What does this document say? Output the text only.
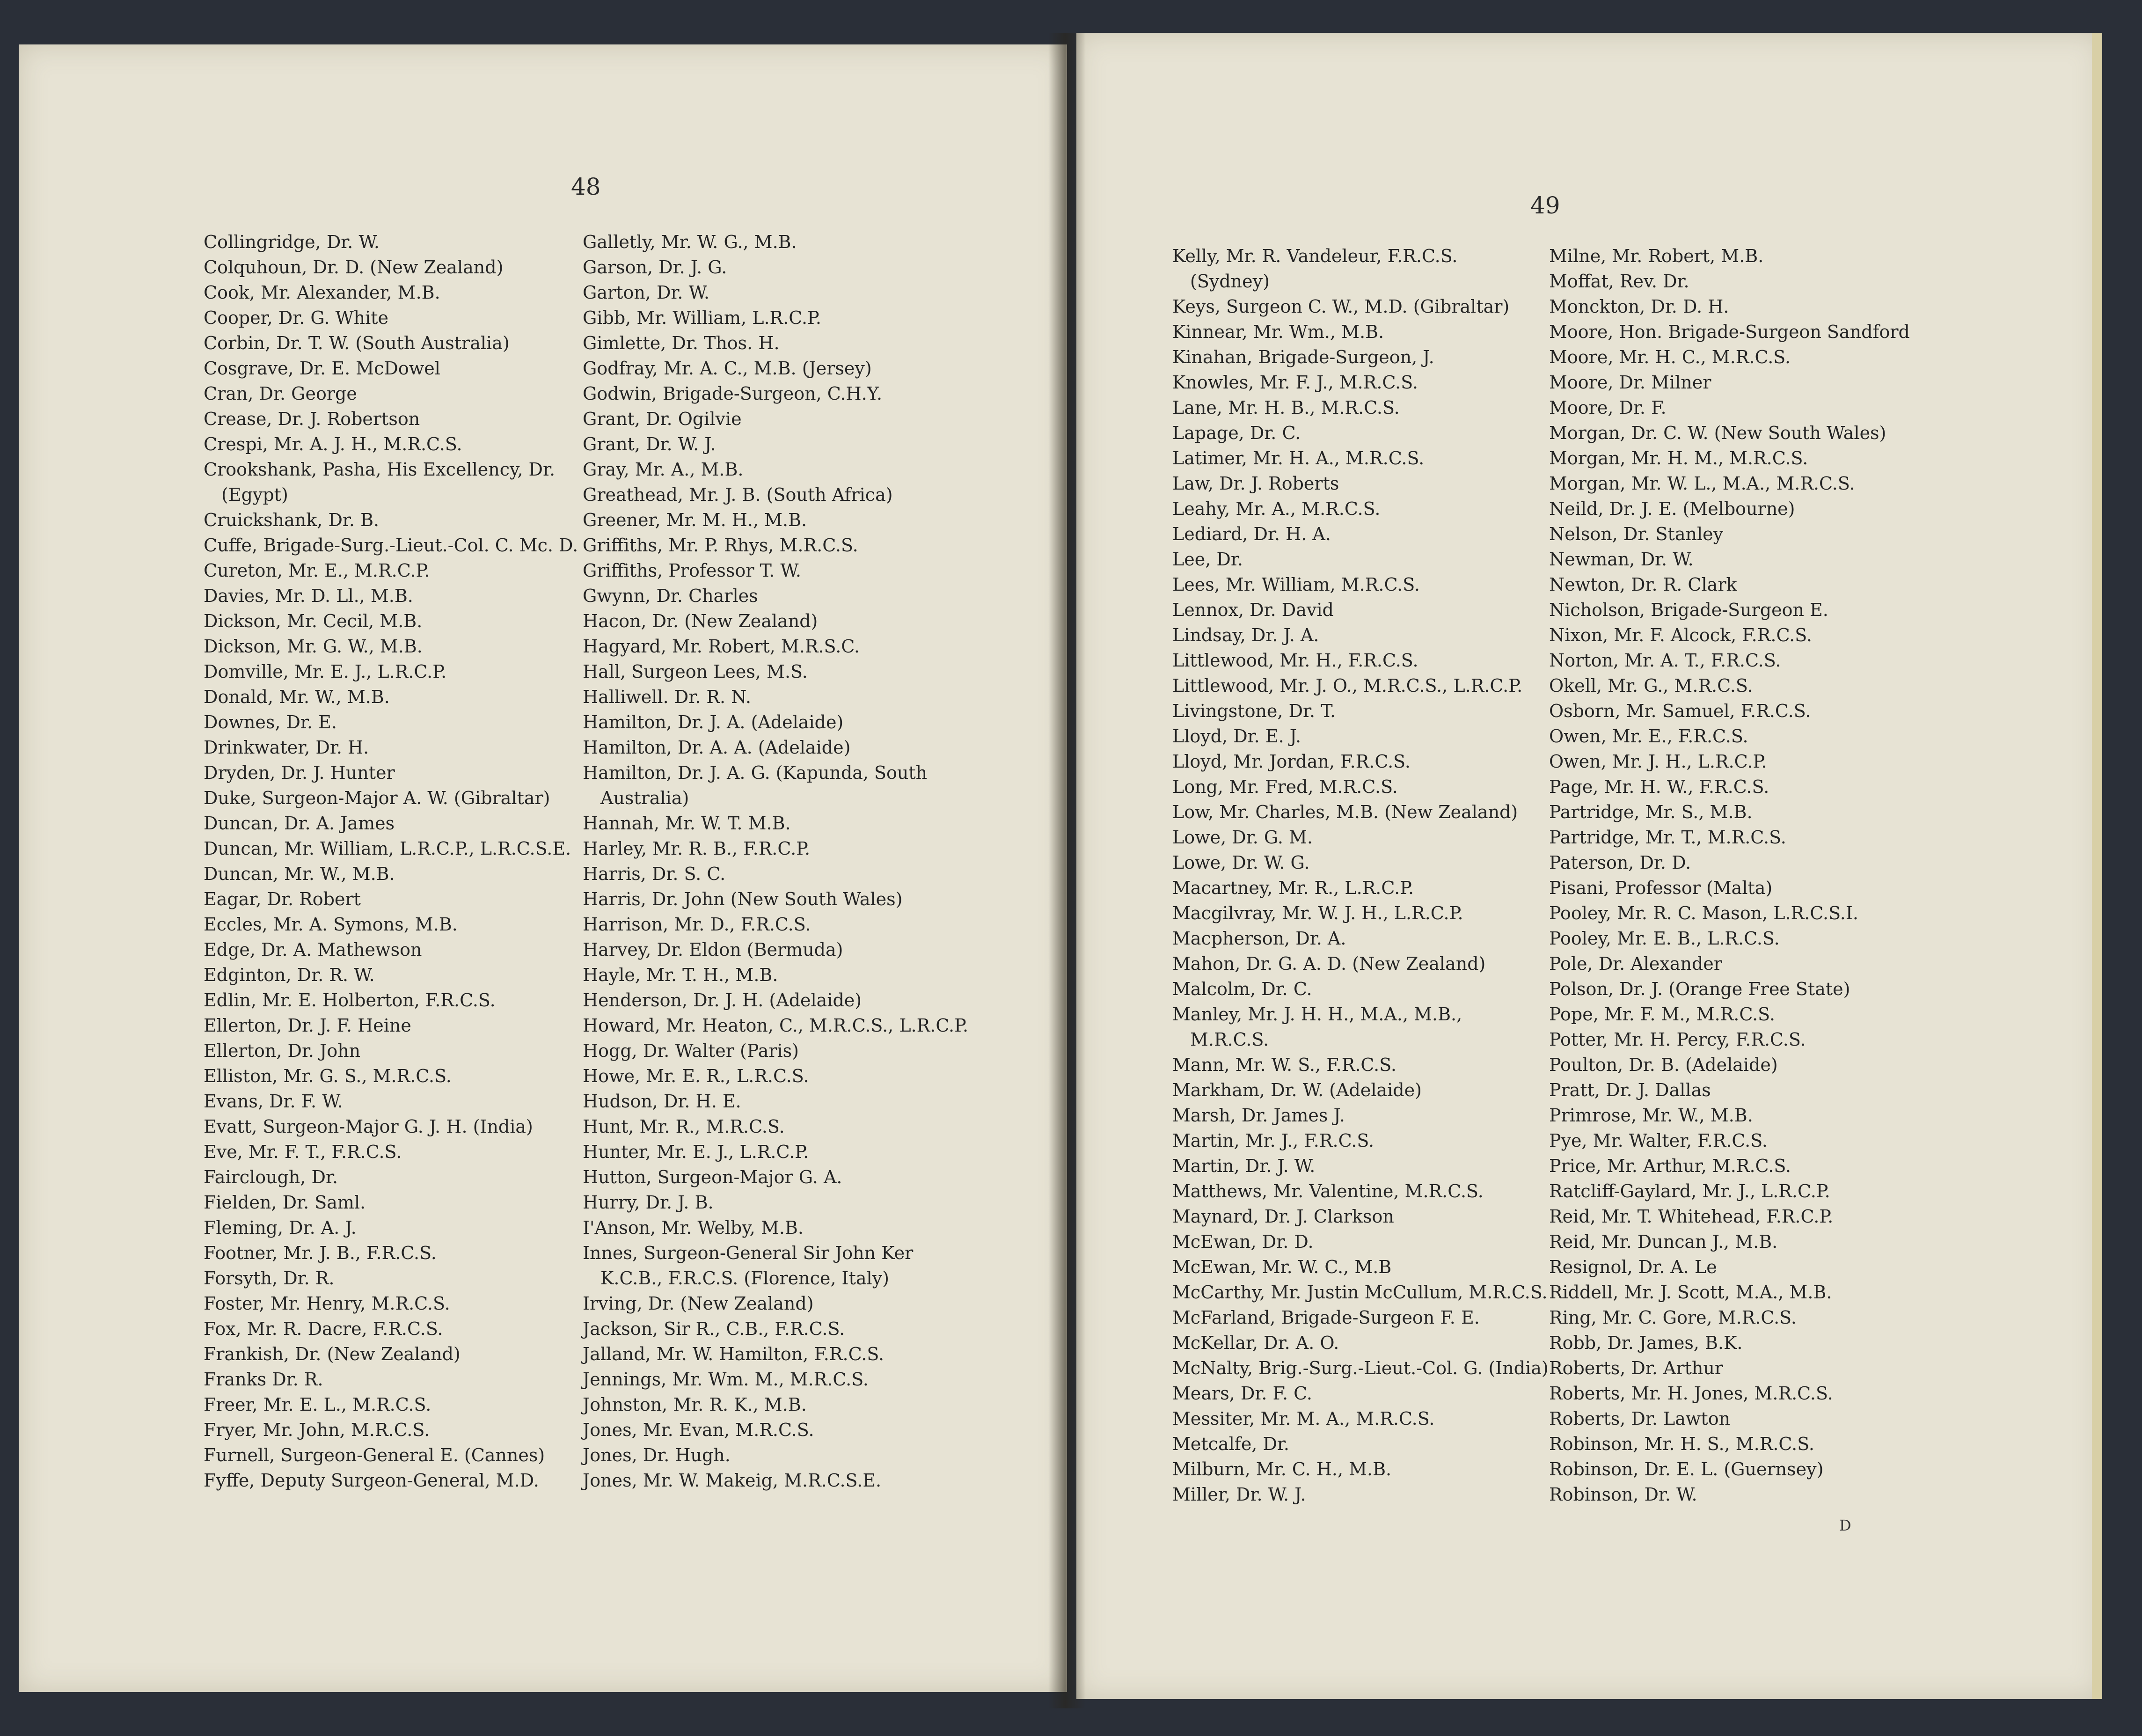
48
Collingridge, Dr. W.
Colquhoun, Dr. D. (New Zealand)
Cook, Mr. Alexander, M.B.
Cooper, Dr. G. White
Corbin, Dr. T. W. (South Australia)
Cosgrave, Dr. E. McDowel
Cran, Dr. George
Crease, Dr. J. Robertson
Crespi, Mr. A. J. H., M.R.C.S.
Crookshank, Pasha, His Excellency, Dr.
(Egypt)
Cruickshank, Dr. B.
Cuffe, Brigade-Surg.-Lieut.-Col. C. Mc. D.
Cureton, Mr. E., M.R.C.P.
Davies, Mr. D. Ll., M.B.
Dickson, Mr. Cecil, M.B.
Dickson, Mr. G. W., M.B.
Domville, Mr. E. J., L.R.C.P.
Donald, Mr. W., M.B.
Downes, Dr. E.
Drinkwater, Dr. H.
Dryden, Dr. J. Hunter
Duke, Surgeon-Major A. W. (Gibraltar)
Duncan, Dr. A. James
Duncan, Mr. William, L.R.C.P., L.R.C.S.E.
Duncan, Mr. W., M.B.
Eagar, Dr. Robert
Eccles, Mr. A. Symons, M.B.
Edge, Dr. A. Mathewson
Edginton, Dr. R. W.
Edlin, Mr. E. Holberton, F.R.C.S.
Ellerton, Dr. J. F. Heine
Ellerton, Dr. John
Elliston, Mr. G. S., M.R.C.S.
Evans, Dr. F. W.
Evatt, Surgeon-Major G. J. H. (India)
Eve, Mr. F. T., F.R.C.S.
Fairclough, Dr.
Fielden, Dr. Saml.
Fleming, Dr. A. J.
Footner, Mr. J. B., F.R.C.S.
Forsyth, Dr. R.
Foster, Mr. Henry, M.R.C.S.
Fox, Mr. R. Dacre, F.R.C.S.
Frankish, Dr. (New Zealand)
Franks Dr. R.
Freer, Mr. E. L., M.R.C.S.
Fryer, Mr. John, M.R.C.S.
Furnell, Surgeon-General E. (Cannes)
Fyffe, Deputy Surgeon-General, M.D.
Galletly, Mr. W. G., M.B.
Garson, Dr. J. G.
Garton, Dr. W.
Gibb, Mr. William, L.R.C.P.
Gimlette, Dr. Thos. H.
Godfray, Mr. A. C., M.B. (Jersey)
Godwin, Brigade-Surgeon, C.H.Y.
Grant, Dr. Ogilvie
Grant, Dr. W. J.
Gray, Mr. A., M.B.
Greathead, Mr. J. B. (South Africa)
Greener, Mr. M. H., M.B.
Griffiths, Mr. P. Rhys, M.R.C.S.
Griffiths, Professor T. W.
Gwynn, Dr. Charles
Hacon, Dr. (New Zealand)
Hagyard, Mr. Robert, M.R.S.C.
Hall, Surgeon Lees, M.S.
Halliwell. Dr. R. N.
Hamilton, Dr. J. A. (Adelaide)
Hamilton, Dr. A. A. (Adelaide)
Hamilton, Dr. J. A. G. (Kapunda, South
Australia)
Hannah, Mr. W. T. M.B.
Harley, Mr. R. B., F.R.C.P.
Harris, Dr. S. C.
Harris, Dr. John (New South Wales)
Harrison, Mr. D., F.R.C.S.
Harvey, Dr. Eldon (Bermuda)
Hayle, Mr. T. H., M.B.
Henderson, Dr. J. H. (Adelaide)
Howard, Mr. Heaton, C., M.R.C.S., L.R.C.P.
Hogg, Dr. Walter (Paris)
Howe, Mr. E. R., L.R.C.S.
Hudson, Dr. H. E.
Hunt, Mr. R., M.R.C.S.
Hunter, Mr. E. J., L.R.C.P.
Hutton, Surgeon-Major G. A.
Hurry, Dr. J. B.
I'Anson, Mr. Welby, M.B.
Innes, Surgeon-General Sir John Ker
K.C.B., F.R.C.S. (Florence, Italy)
Irving, Dr. (New Zealand)
Jackson, Sir R., C.B., F.R.C.S.
Jalland, Mr. W. Hamilton, F.R.C.S.
Jennings, Mr. Wm. M., M.R.C.S.
Johnston, Mr. R. K., M.B.
Jones, Mr. Evan, M.R.C.S.
Jones, Dr. Hugh.
Jones, Mr. W. Makeig, M.R.C.S.E.
49
Kelly, Mr. R. Vandeleur, F.R.C.S.
(Sydney)
Keys, Surgeon C. W., M.D. (Gibraltar)
Kinnear, Mr. Wm., M.B.
Kinahan, Brigade-Surgeon, J.
Knowles, Mr. F. J., M.R.C.S.
Lane, Mr. H. B., M.R.C.S.
Lapage, Dr. C.
Latimer, Mr. H. A., M.R.C.S.
Law, Dr. J. Roberts
Leahy, Mr. A., M.R.C.S.
Lediard, Dr. H. A.
Lee, Dr.
Lees, Mr. William, M.R.C.S.
Lennox, Dr. David
Lindsay, Dr. J. A.
Littlewood, Mr. H., F.R.C.S.
Littlewood, Mr. J. O., M.R.C.S., L.R.C.P.
Livingstone, Dr. T.
Lloyd, Dr. E. J.
Lloyd, Mr. Jordan, F.R.C.S.
Long, Mr. Fred, M.R.C.S.
Low, Mr. Charles, M.B. (New Zealand)
Lowe, Dr. G. M.
Lowe, Dr. W. G.
Macartney, Mr. R., L.R.C.P.
Macgilvray, Mr. W. J. H., L.R.C.P.
Macpherson, Dr. A.
Mahon, Dr. G. A. D. (New Zealand)
Malcolm, Dr. C.
Manley, Mr. J. H. H., M.A., M.B.,
M.R.C.S.
Mann, Mr. W. S., F.R.C.S.
Markham, Dr. W. (Adelaide)
Marsh, Dr. James J.
Martin, Mr. J., F.R.C.S.
Martin, Dr. J. W.
Matthews, Mr. Valentine, M.R.C.S.
Maynard, Dr. J. Clarkson
McEwan, Dr. D.
McEwan, Mr. W. C., M.B
McCarthy, Mr. Justin McCullum, M.R.C.S.
McFarland, Brigade-Surgeon F. E.
McKellar, Dr. A. O.
McNalty, Brig.-Surg.-Lieut.-Col. G. (India)
Mears, Dr. F. C.
Messiter, Mr. M. A., M.R.C.S.
Metcalfe, Dr.
Milburn, Mr. C. H., M.B.
Miller, Dr. W. J.
Milne, Mr. Robert, M.B.
Moffat, Rev. Dr.
Monckton, Dr. D. H.
Moore, Hon. Brigade-Surgeon Sandford
Moore, Mr. H. C., M.R.C.S.
Moore, Dr. Milner
Moore, Dr. F.
Morgan, Dr. C. W. (New South Wales)
Morgan, Mr. H. M., M.R.C.S.
Morgan, Mr. W. L., M.A., M.R.C.S.
Neild, Dr. J. E. (Melbourne)
Nelson, Dr. Stanley
Newman, Dr. W.
Newton, Dr. R. Clark
Nicholson, Brigade-Surgeon E.
Nixon, Mr. F. Alcock, F.R.C.S.
Norton, Mr. A. T., F.R.C.S.
Okell, Mr. G., M.R.C.S.
Osborn, Mr. Samuel, F.R.C.S.
Owen, Mr. E., F.R.C.S.
Owen, Mr. J. H., L.R.C.P.
Page, Mr. H. W., F.R.C.S.
Partridge, Mr. S., M.B.
Partridge, Mr. T., M.R.C.S.
Paterson, Dr. D.
Pisani, Professor (Malta)
Pooley, Mr. R. C. Mason, L.R.C.S.I.
Pooley, Mr. E. B., L.R.C.S.
Pole, Dr. Alexander
Polson, Dr. J. (Orange Free State)
Pope, Mr. F. M., M.R.C.S.
Potter, Mr. H. Percy, F.R.C.S.
Poulton, Dr. B. (Adelaide)
Pratt, Dr. J. Dallas
Primrose, Mr. W., M.B.
Pye, Mr. Walter, F.R.C.S.
Price, Mr. Arthur, M.R.C.S.
Ratcliff-Gaylard, Mr. J., L.R.C.P.
Reid, Mr. T. Whitehead, F.R.C.P.
Reid, Mr. Duncan J., M.B.
Resignol, Dr. A. Le
Riddell, Mr. J. Scott, M.A., M.B.
Ring, Mr. C. Gore, M.R.C.S.
Robb, Dr. James, B.K.
Roberts, Dr. Arthur
Roberts, Mr. H. Jones, M.R.C.S.
Roberts, Dr. Lawton
Robinson, Mr. H. S., M.R.C.S.
Robinson, Dr. E. L. (Guernsey)
Robinson, Dr. W.
D
